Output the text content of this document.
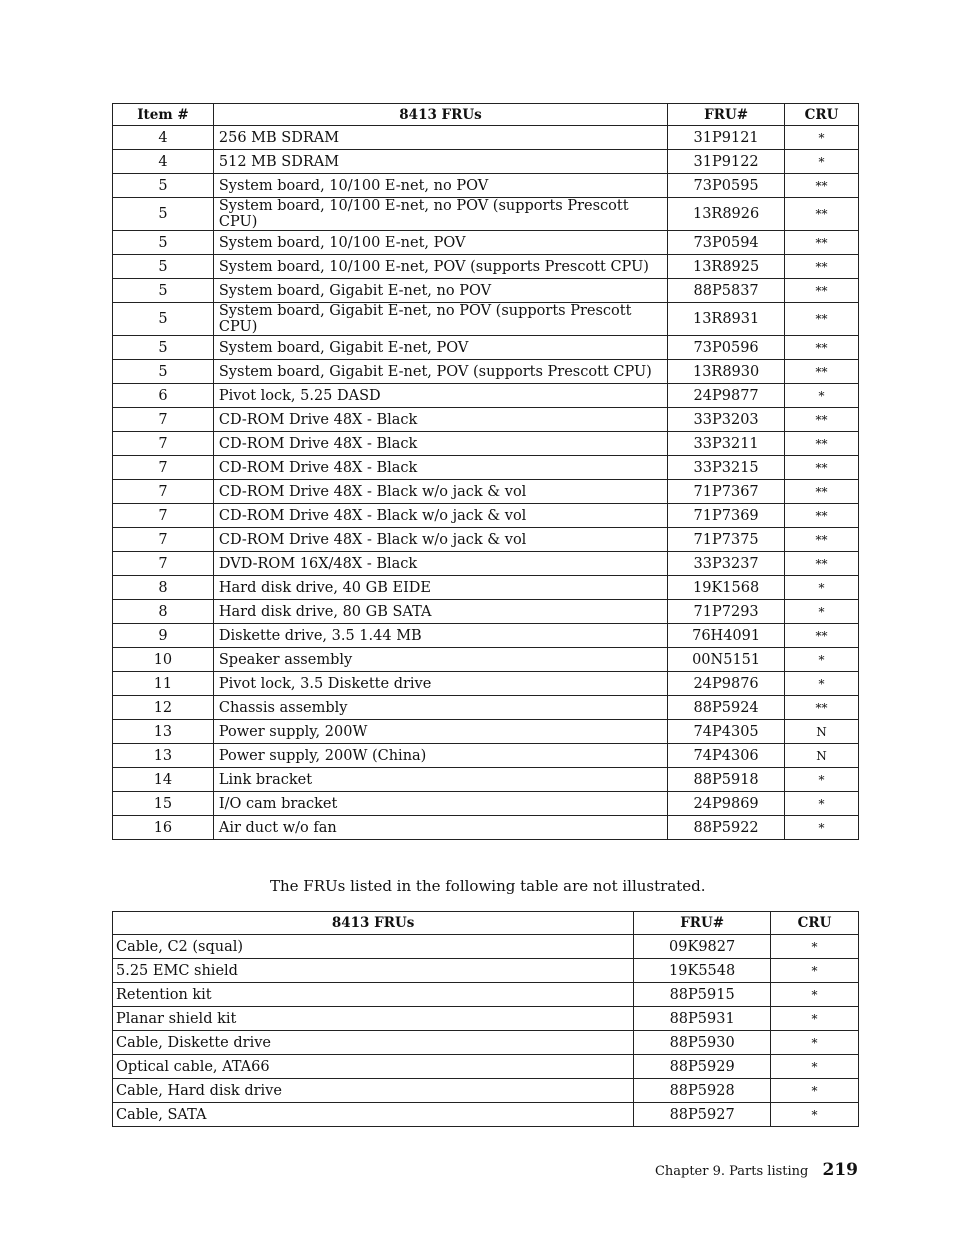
Item #	8413 FRUs	FRU#	CRU
4	256 MB SDRAM	31P9121	*
4	512 MB SDRAM	31P9122	*
5	System board, 10/100 E-net, no POV	73P0595	**
5	System board, 10/100 E-net, no POV (supports Prescott CPU)	13R8926	**
5	System board, 10/100 E-net, POV	73P0594	**
5	System board, 10/100 E-net, POV (supports Prescott CPU)	13R8925	**
5	System board, Gigabit E-net, no POV	88P5837	**
5	System board, Gigabit E-net, no POV (supports Prescott CPU)	13R8931	**
5	System board, Gigabit E-net, POV	73P0596	**
5	System board, Gigabit E-net, POV (supports Prescott CPU)	13R8930	**
6	Pivot lock, 5.25 DASD	24P9877	*
7	CD-ROM Drive 48X - Black	33P3203	**
7	CD-ROM Drive 48X - Black	33P3211	**
7	CD-ROM Drive 48X - Black	33P3215	**
7	CD-ROM Drive 48X - Black w/o jack & vol	71P7367	**
7	CD-ROM Drive 48X - Black w/o jack & vol	71P7369	**
7	CD-ROM Drive 48X - Black w/o jack & vol	71P7375	**
7	DVD-ROM 16X/48X - Black	33P3237	**
8	Hard disk drive, 40 GB EIDE	19K1568	*
8	Hard disk drive, 80 GB SATA	71P7293	*
9	Diskette drive, 3.5 1.44 MB	76H4091	**
10	Speaker assembly	00N5151	*
11	Pivot lock, 3.5 Diskette drive	24P9876	*
12	Chassis assembly	88P5924	**
13	Power supply, 200W	74P4305	N
13	Power supply, 200W (China)	74P4306	N
14	Link bracket	88P5918	*
15	I/O cam bracket	24P9869	*
16	Air duct w/o fan	88P5922	*

The FRUs listed in the following table are not illustrated.

8413 FRUs	FRU#	CRU
Cable, C2 (squal)	09K9827	*
5.25 EMC shield	19K5548	*
Retention kit	88P5915	*
Planar shield kit	88P5931	*
Cable, Diskette drive	88P5930	*
Optical cable, ATA66	88P5929	*
Cable, Hard disk drive	88P5928	*
Cable, SATA	88P5927	*
Chapter 9. Parts listing 219
